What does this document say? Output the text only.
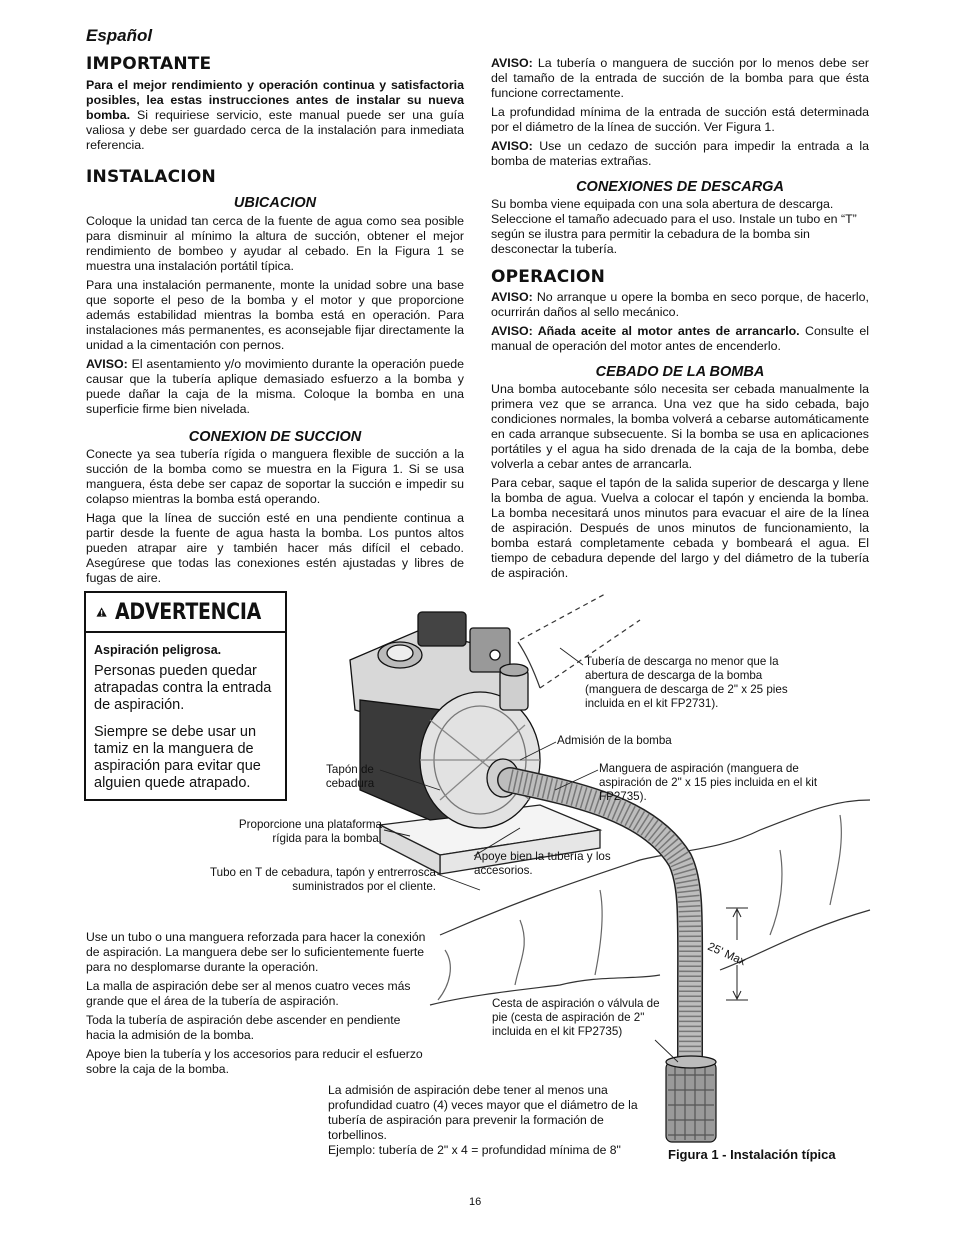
Español
IMPORTANTE

Para el mejor rendimiento y operación continua y satisfactoria posibles, lea estas instrucciones antes de instalar su nueva bomba. Si requiriese servicio, este manual puede ser una guía valiosa y debe ser guardado cerca de la instalación para inmediata referencia.

INSTALACION
UBICACION

Coloque la unidad tan cerca de la fuente de agua como sea posible para disminuir al mínimo la altura de succión, obtener el mejor rendimiento de bombeo y ayudar al cebado. En la Figura 1 se muestra una instalación portátil típica.

Para una instalación permanente, monte la unidad sobre una base que soporte el peso de la bomba y el motor y que proporcione además estabilidad mientras la bomba está en operación. Para instalaciones más permanentes, es aconsejable fijar directamente la unidad a la cimentación con pernos.

AVISO: El asentamiento y/o movimiento durante la operación puede causar que la tubería aplique demasiado esfuerzo a la bomba y puede dañar la caja de la misma. Coloque la bomba en una superficie firme bien nivelada.

CONEXION DE SUCCION

Conecte ya sea tubería rígida o manguera flexible de succión a la succión de la bomba como se muestra en la Figura 1. Si se usa manguera, ésta debe ser capaz de soportar la succión e impedir su colapso mientras la bomba está operando.

Haga que la línea de succión esté en una pendiente continua a partir desde la fuente de agua hasta la bomba. Los puntos altos pueden atrapar aire y también hacer más difícil el cebado. Asegúrese que todas las conexiones estén ajustadas y libres de fugas de aire.

AVISO: La tubería o manguera de succión por lo menos debe ser del tamaño de la entrada de succión de la bomba para que ésta funcione correctamente.

La profundidad mínima de la entrada de succión está determinada por el diámetro de la línea de succión. Ver Figura 1.

AVISO: Use un cedazo de succión para impedir la entrada a la bomba de materias extrañas.

CONEXIONES DE DESCARGA

Su bomba viene equipada con una sola abertura de descarga. Seleccione el tamaño adecuado para el uso. Instale un tubo en “T” según se ilustra para permitir la cebadura de la bomba sin desconectar la tubería.

OPERACION

AVISO: No arranque u opere la bomba en seco porque, de hacerlo, ocurrirán daños al sello mecánico.

AVISO: Añada aceite al motor antes de arrancarlo. Consulte el manual de operación del motor antes de encenderlo.

CEBADO DE LA BOMBA

Una bomba autocebante sólo necesita ser cebada manualmente la primera vez que se arranca. Una vez que ha sido cebada, bajo condiciones normales, la bomba volverá a cebarse automáticamente en cada arranque subsecuente. Si la bomba se usa en aplicaciones portátiles y el agua ha sido drenada de la caja de la bomba, debe volverla a cebar antes de arrancarla.

Para cebar, saque el tapón de la salida superior de descarga y llene la bomba de agua. Vuelva a colocar el tapón y encienda la bomba. La bomba necesitará unos minutos para evacuar el aire de la línea de aspiración. Después de unos minutos de funcionamiento, la bomba estará completamente cebada y bombeará el agua. El tiempo de cebadura depende del largo y del diámetro de la tubería de aspiración.

ADVERTENCIA
Aspiración peligrosa.
Personas pueden quedar atrapadas contra la entrada de aspiración.
Siempre se debe usar un tamiz en la manguera de aspiración para evitar que alguien quede atrapado.
Tubería de descarga no menor que la abertura de descarga de la bomba (manguera de descarga de 2" x 25 pies incluida en el kit FP2731).
Admisión de la bomba
Manguera de aspiración (manguera de aspiración de 2" x 15 pies incluida en el kit FP2735).
Tapón de cebadura
Proporcione una plataforma rígida para la bomba.
Tubo en T de cebadura, tapón y entrerrosca suministrados por el cliente.
Apoye bien la tubería y los accesorios.
25' Max
Cesta de aspiración o válvula de pie (cesta de aspiración de 2" incluida en el kit FP2735)
Use un tubo o una manguera reforzada para hacer la conexión de aspiración. La manguera debe ser lo suficientemente fuerte para no desplomarse durante la operación.
La malla de aspiración debe ser al menos cuatro veces más grande que el área de la tubería de aspiración.
Toda la tubería de aspiración debe ascender en pendiente hacia la admisión de la bomba.
Apoye bien la tubería y los accesorios para reducir el esfuerzo sobre la caja de la bomba.
La admisión de aspiración debe tener al menos una profundidad cuatro (4) veces mayor que el diámetro de la tubería de aspiración para prevenir la formación de torbellinos.
Ejemplo: tubería de 2" x 4 = profundidad mínima de 8"	Figura 1 - Instalación típica
16
